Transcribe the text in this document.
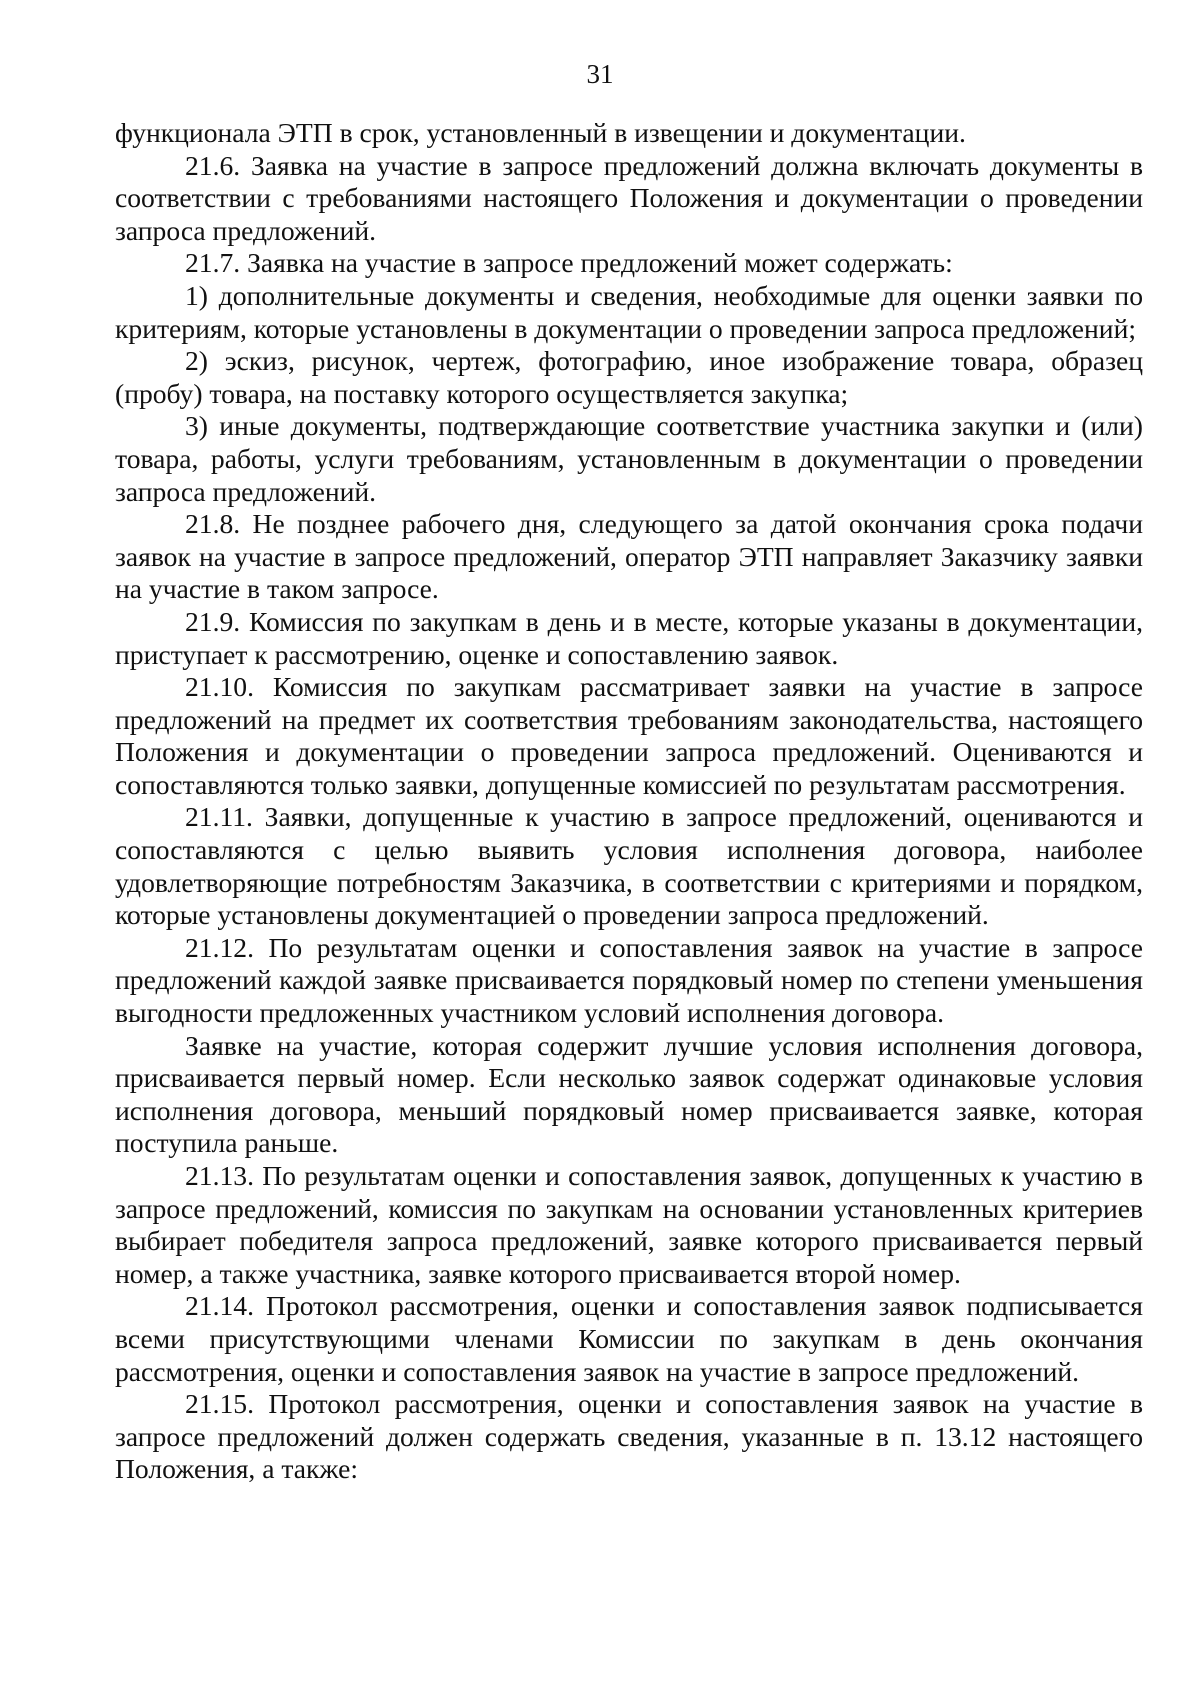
31

функционала ЭТП в срок, установленный в извещении и документации.

21.6. Заявка на участие в запросе предложений должна включать документы в соответствии с требованиями настоящего Положения и документации о проведении запроса предложений.

21.7. Заявка на участие в запросе предложений может содержать:

1) дополнительные документы и сведения, необходимые для оценки заявки по критериям, которые установлены в документации о проведении запроса предложений;

2) эскиз, рисунок, чертеж, фотографию, иное изображение товара, образец (пробу) товара, на поставку которого осуществляется закупка;

3) иные документы, подтверждающие соответствие участника закупки и (или) товара, работы, услуги требованиям, установленным в документации о проведении запроса предложений.

21.8. Не позднее рабочего дня, следующего за датой окончания срока подачи заявок на участие в запросе предложений, оператор ЭТП направляет Заказчику заявки на участие в таком запросе.

21.9. Комиссия по закупкам в день и в месте, которые указаны в документации, приступает к рассмотрению, оценке и сопоставлению заявок.

21.10. Комиссия по закупкам рассматривает заявки на участие в запросе предложений на предмет их соответствия требованиям законодательства, настоящего Положения и документации о проведении запроса предложений. Оцениваются и сопоставляются только заявки, допущенные комиссией по результатам рассмотрения.

21.11. Заявки, допущенные к участию в запросе предложений, оцениваются и сопоставляются с целью выявить условия исполнения договора, наиболее удовлетворяющие потребностям Заказчика, в соответствии с критериями и порядком, которые установлены документацией о проведении запроса предложений.

21.12. По результатам оценки и сопоставления заявок на участие в запросе предложений каждой заявке присваивается порядковый номер по степени уменьшения выгодности предложенных участником условий исполнения договора.

Заявке на участие, которая содержит лучшие условия исполнения договора, присваивается первый номер. Если несколько заявок содержат одинаковые условия исполнения договора, меньший порядковый номер присваивается заявке, которая поступила раньше.

21.13. По результатам оценки и сопоставления заявок, допущенных к участию в запросе предложений, комиссия по закупкам на основании установленных критериев выбирает победителя запроса предложений, заявке которого присваивается первый номер, а также участника, заявке которого присваивается второй номер.

21.14. Протокол рассмотрения, оценки и сопоставления заявок подписывается всеми присутствующими членами Комиссии по закупкам в день окончания рассмотрения, оценки и сопоставления заявок на участие в запросе предложений.

21.15. Протокол рассмотрения, оценки и сопоставления заявок на участие в запросе предложений должен содержать сведения, указанные в п. 13.12 настоящего Положения, а также:
